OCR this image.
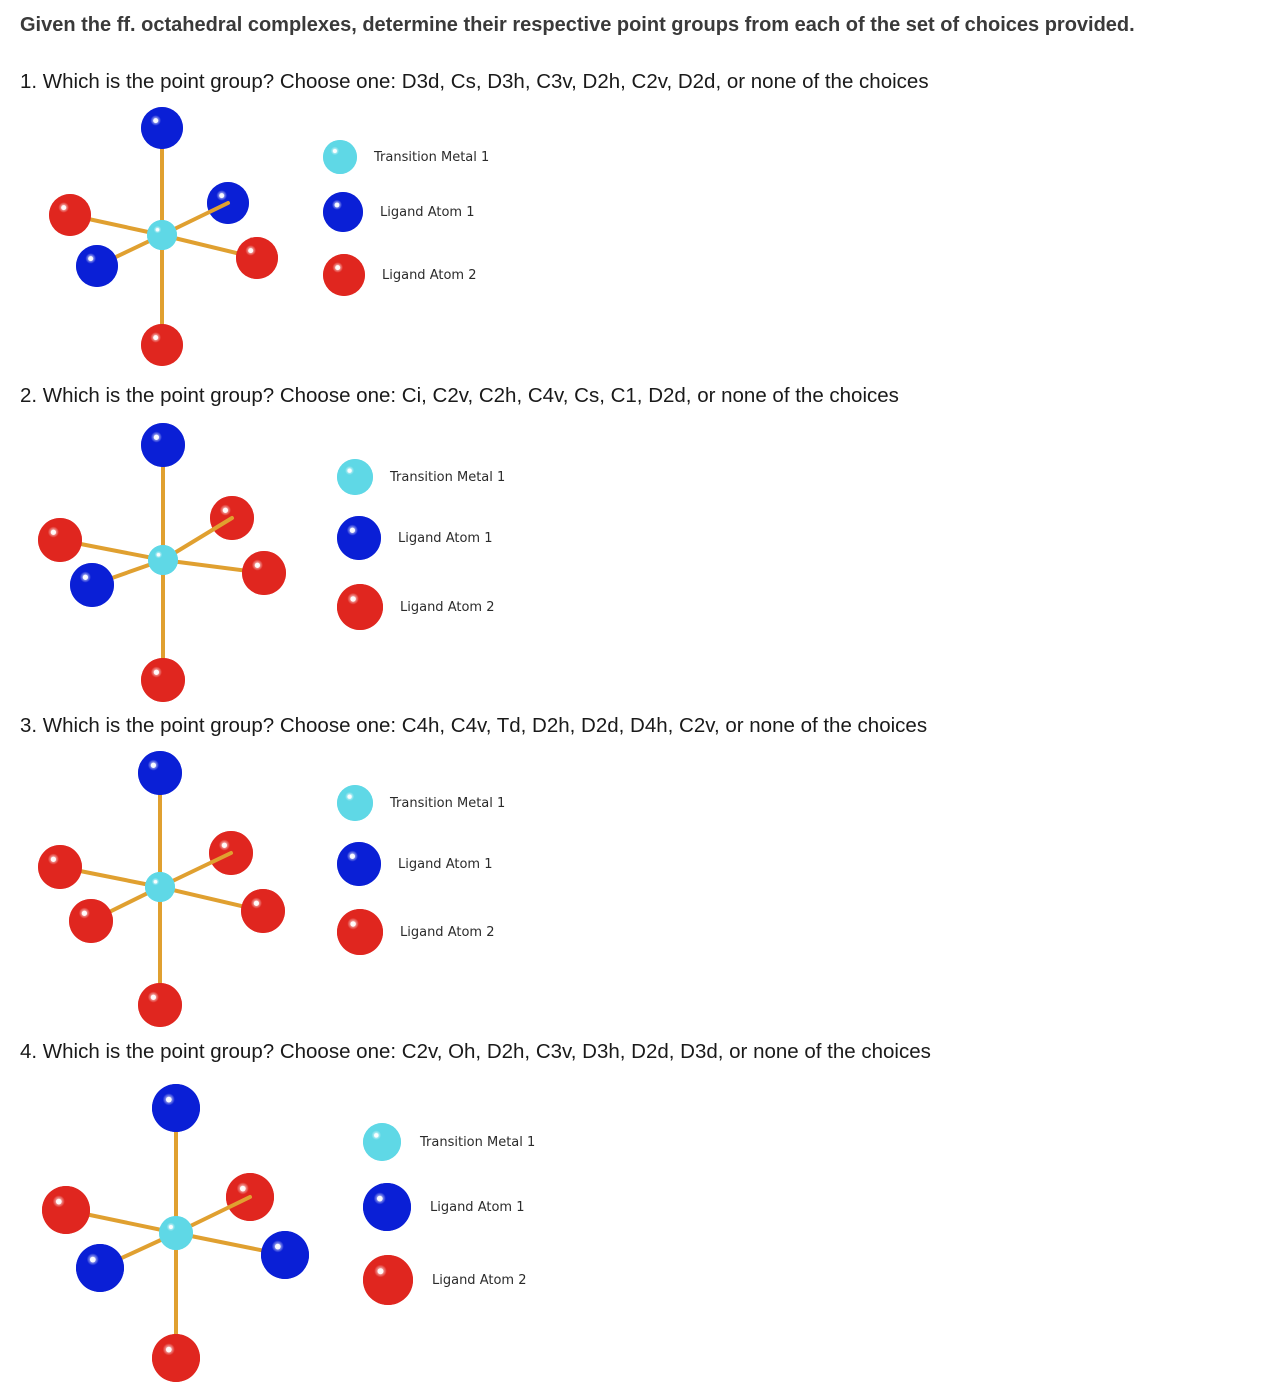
Given the ff. octahedral complexes, determine their respective point groups from each of the set of choices provided.
1. Which is the point group? Choose one: D3d, Cs, D3h, C3v, D2h, C2v, D2d, or none of the choices
Transition Metal 1
Ligand Atom 1
Ligand Atom 2
2. Which is the point group? Choose one: Ci, C2v, C2h, C4v, Cs, C1, D2d, or none of the choices
Transition Metal 1
Ligand Atom 1
Ligand Atom 2
3. Which is the point group? Choose one: C4h, C4v, Td, D2h, D2d, D4h, C2v, or none of the choices
Transition Metal 1
Ligand Atom 1
Ligand Atom 2
4. Which is the point group? Choose one: C2v, Oh, D2h, C3v, D3h, D2d, D3d, or none of the choices
Transition Metal 1
Ligand Atom 1
Ligand Atom 2
